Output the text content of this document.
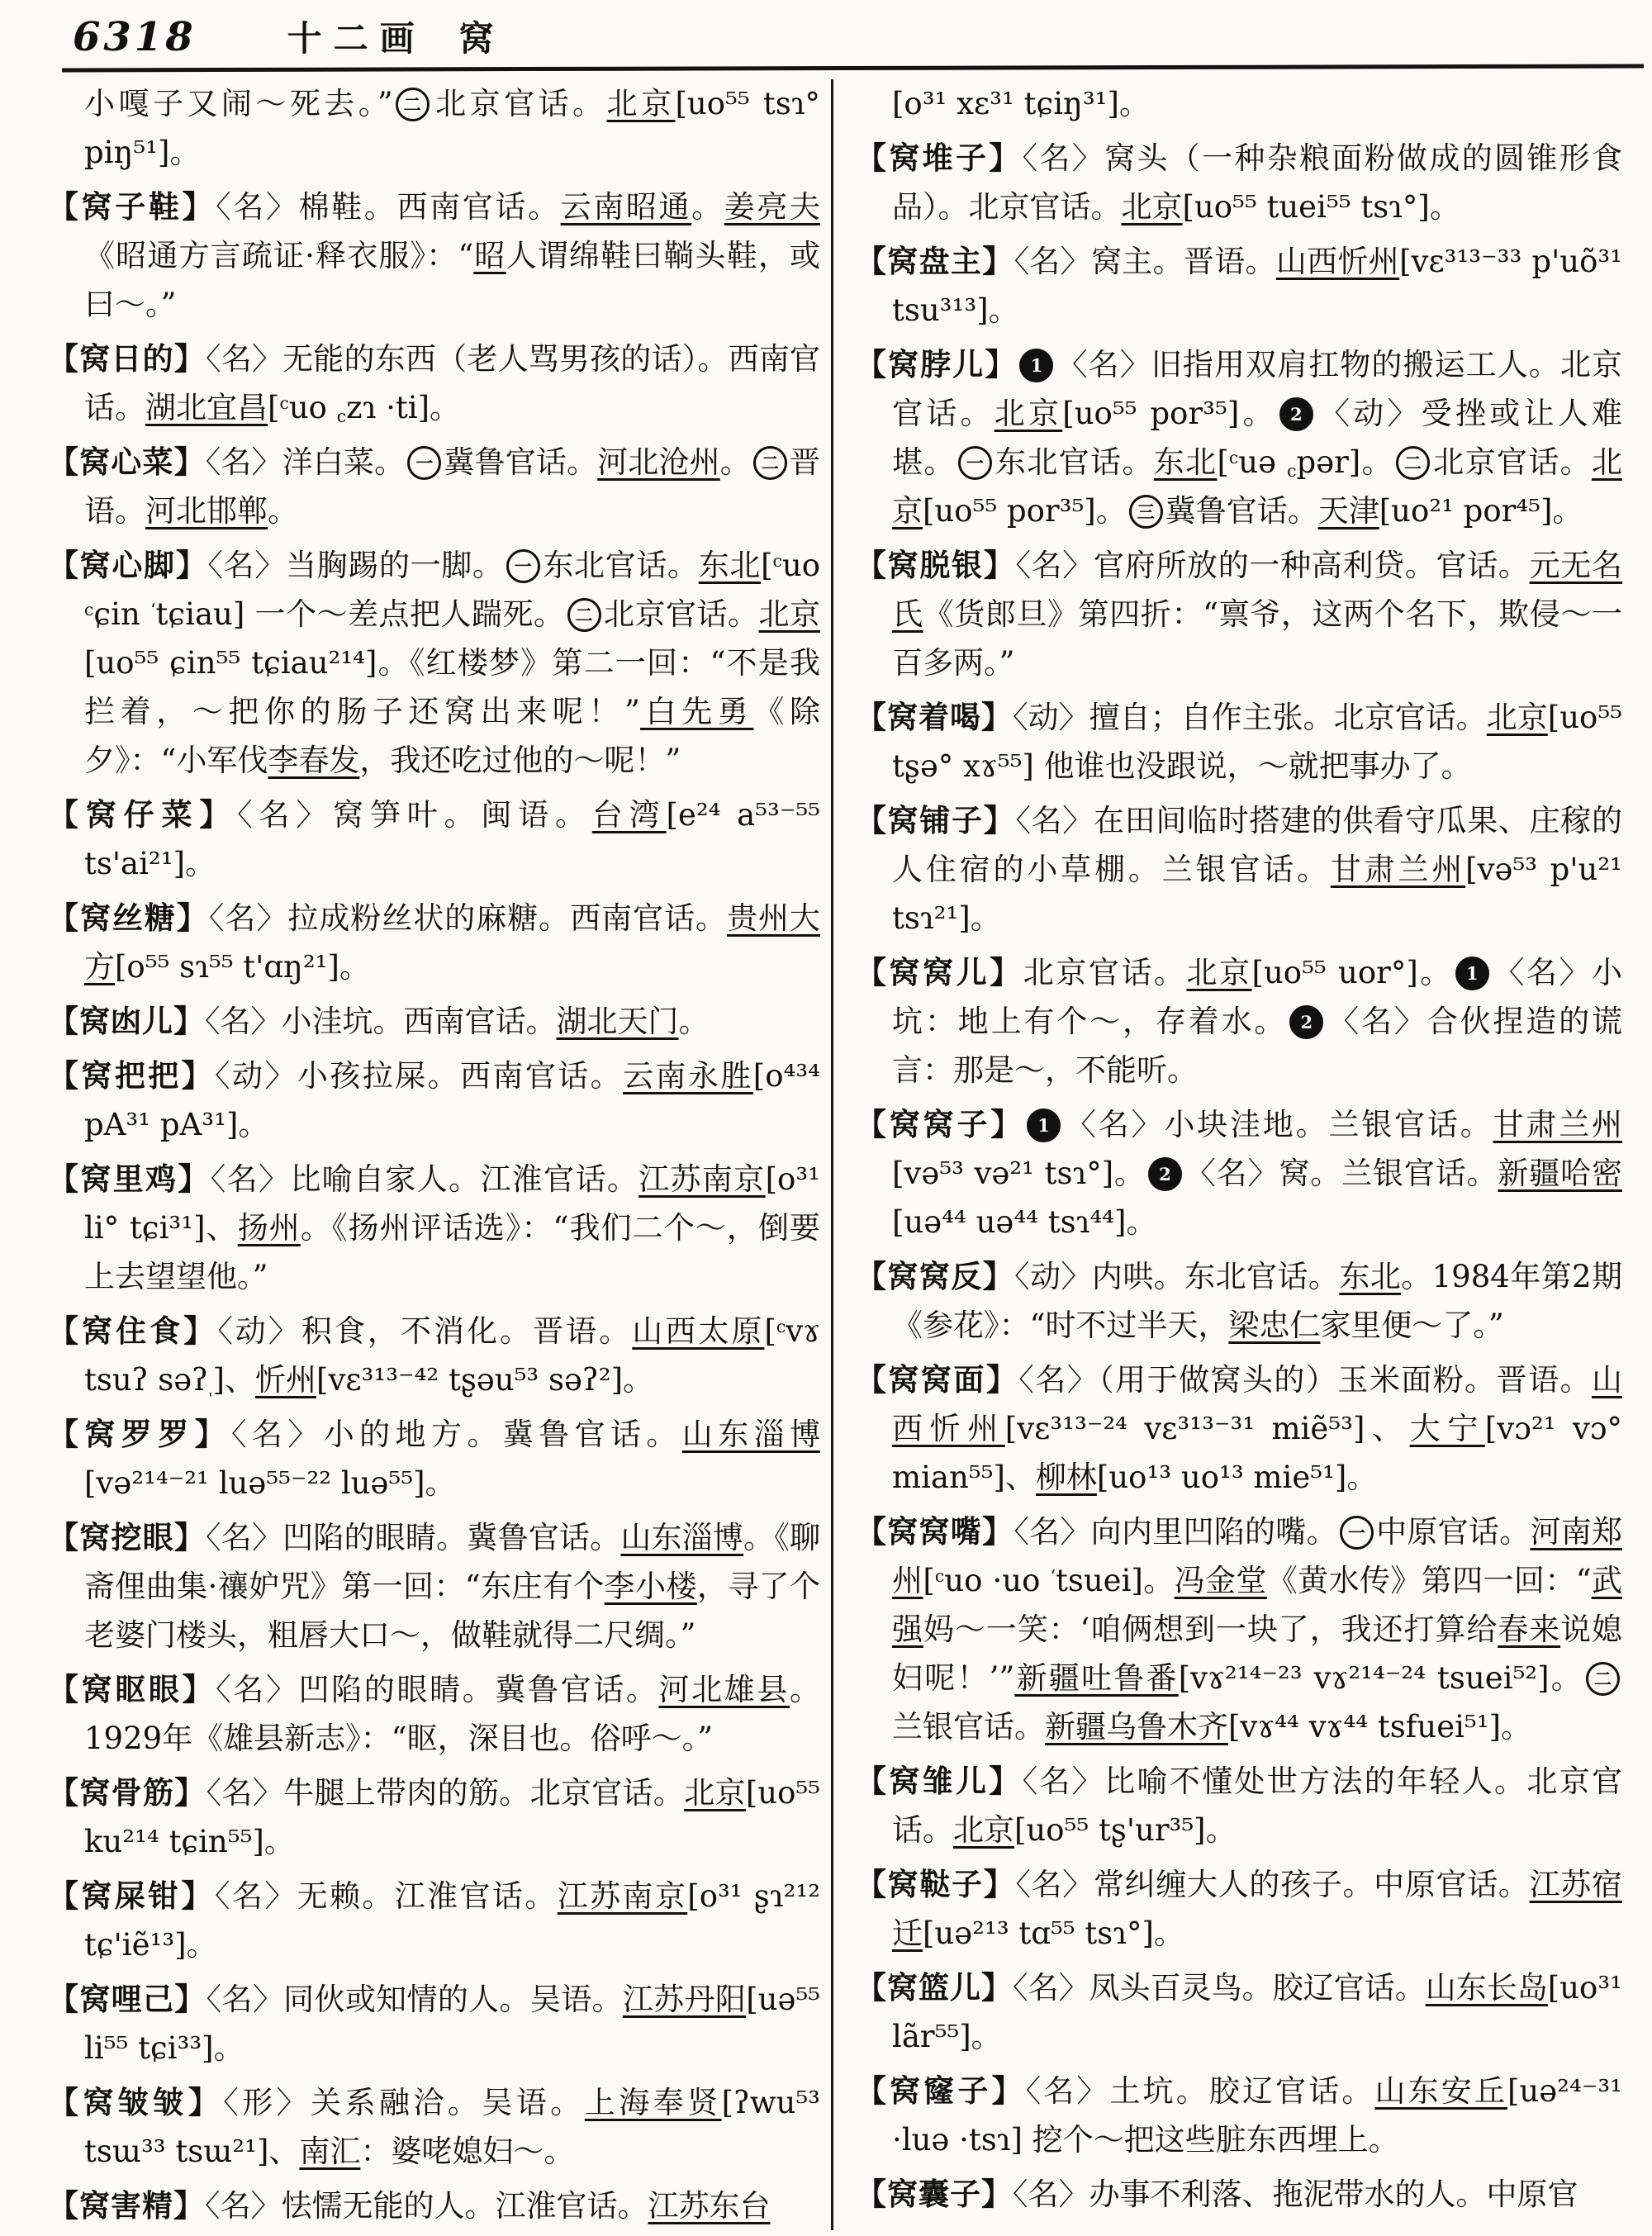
6318	十二画 窝

小嘎子又闹～死去。” 二 北京官话。北京[uo⁵⁵ tsɿ° piŋ⁵¹]。

【窝子鞋】〈名〉棉鞋。西南官话。云南昭通。姜亮夫《昭通方言疏证·释衣服》：“昭人谓绵鞋曰鞝头鞋，或曰～。”

【窝日的】〈名〉无能的东西（老人骂男孩的话）。西南官话。湖北宜昌[$^c$uo $_c$zɿ ·ti]。

【窝心菜】〈名〉洋白菜。 一 冀鲁官话。河北沧州。 二 晋语。河北邯郸。

【窝心脚】〈名〉当胸踢的一脚。 一 东北官话。东北[$^c$uo $^c$ɕin $^ʻ$tɕiau] 一个～差点把人踹死。 二 北京官话。北京[uo⁵⁵ ɕin⁵⁵ tɕiau²¹⁴]。《红楼梦》第二一回：“不是我拦着，～把你的肠子还窝出来呢！”白先勇《除夕》：“小军伐李春发，我还吃过他的～呢！”

【窝仔菜】〈名〉窝笋叶。闽语。台湾[e²⁴ a⁵³⁻⁵⁵ ts'ai²¹]。

【窝丝糖】〈名〉拉成粉丝状的麻糖。西南官话。贵州大方[o⁵⁵ sɿ⁵⁵ t'ɑŋ²¹]。

【窝凼儿】〈名〉小洼坑。西南官话。湖北天门。

【窝把把】〈动〉小孩拉屎。西南官话。云南永胜[o⁴³⁴ pA³¹ pA³¹]。

【窝里鸡】〈名〉比喻自家人。江淮官话。江苏南京[o³¹ li° tɕi³¹]、扬州。《扬州评话选》：“我们二个～，倒要上去望望他。”

【窝住食】〈动〉积食，不消化。晋语。山西太原[$^c$vɤ tsuʔ səʔ$_ˌ$]、忻州[vɛ³¹³⁻⁴² tʂəu⁵³ səʔ²]。

【窝罗罗】〈名〉小的地方。冀鲁官话。山东淄博[və²¹⁴⁻²¹ luə⁵⁵⁻²² luə⁵⁵]。

【窝挖眼】〈名〉凹陷的眼睛。冀鲁官话。山东淄博。《聊斋俚曲集·禳妒咒》第一回：“东庄有个李小楼，寻了个老婆门楼头，粗唇大口～，做鞋就得二尺绸。”

【窝眍眼】〈名〉凹陷的眼睛。冀鲁官话。河北雄县。1929年《雄县新志》：“眍，深目也。俗呼～。”

【窝骨筋】〈名〉牛腿上带肉的筋。北京官话。北京[uo⁵⁵ ku²¹⁴ tɕin⁵⁵]。

【窝屎钳】〈名〉无赖。江淮官话。江苏南京[o³¹ ʂɿ²¹² tɕ'iẽ¹³]。

【窝哩己】〈名〉同伙或知情的人。吴语。江苏丹阳[uə⁵⁵ li⁵⁵ tɕi³³]。

【窝皱皱】〈形〉关系融洽。吴语。上海奉贤[ʔwu⁵³ tsɯ³³ tsɯ²¹]、南汇：婆咾媳妇～。

【窝害精】〈名〉怯懦无能的人。江淮官话。江苏东台

[o³¹ xɛ³¹ tɕiŋ³¹]。

【窝堆子】〈名〉窝头（一种杂粮面粉做成的圆锥形食品）。北京官话。北京[uo⁵⁵ tuei⁵⁵ tsɿ°]。

【窝盘主】〈名〉窝主。晋语。山西忻州[vɛ³¹³⁻³³ p'uõ³¹ tsu³¹³]。

【窝脖儿】 1 〈名〉旧指用双肩扛物的搬运工人。北京官话。北京[uo⁵⁵ por³⁵]。 2 〈动〉受挫或让人难堪。 一 东北官话。东北[$^c$uə $_c$pər]。 二 北京官话。北京[uo⁵⁵ por³⁵]。 三 冀鲁官话。天津[uo²¹ por⁴⁵]。

【窝脱银】〈名〉官府所放的一种高利贷。官话。元无名氏《货郎旦》第四折：“禀爷，这两个名下，欺侵～一百多两。”

【窝着喝】〈动〉擅自；自作主张。北京官话。北京[uo⁵⁵ tʂə° xɤ⁵⁵] 他谁也没跟说，～就把事办了。

【窝铺子】〈名〉在田间临时搭建的供看守瓜果、庄稼的人住宿的小草棚。兰银官话。甘肃兰州[və⁵³ p'u²¹ tsɿ²¹]。

【窝窝儿】北京官话。北京[uo⁵⁵ uor°]。 1 〈名〉小坑：地上有个～，存着水。 2 〈名〉合伙捏造的谎言：那是～，不能听。

【窝窝子】 1 〈名〉小块洼地。兰银官话。甘肃兰州[və⁵³ və²¹ tsɿ°]。 2 〈名〉窝。兰银官话。新疆哈密[uə⁴⁴ uə⁴⁴ tsɿ⁴⁴]。

【窝窝反】〈动〉内哄。东北官话。东北。1984年第2期《参花》：“时不过半天，梁忠仁家里便～了。”

【窝窝面】〈名〉（用于做窝头的）玉米面粉。晋语。山西忻州[vɛ³¹³⁻²⁴ vɛ³¹³⁻³¹ miẽ⁵³]、大宁[vɔ²¹ vɔ° mian⁵⁵]、柳林[uo¹³ uo¹³ mie⁵¹]。

【窝窝嘴】〈名〉向内里凹陷的嘴。 一 中原官话。河南郑州[$^c$uo ·uo $^ʻ$tsuei]。冯金堂《黄水传》第四一回：“武强妈～一笑：‘咱俩想到一块了，我还打算给春来说媳妇呢！’”新疆吐鲁番[vɤ²¹⁴⁻²³ vɤ²¹⁴⁻²⁴ tsuei⁵²]。 二兰银官话。新疆乌鲁木齐[vɤ⁴⁴ vɤ⁴⁴ tsfuei⁵¹]。

【窝雏儿】〈名〉比喻不懂处世方法的年轻人。北京官话。北京[uo⁵⁵ tʂ'ur³⁵]。

【窝鞑子】〈名〉常纠缠大人的孩子。中原官话。江苏宿迁[uə²¹³ tɑ⁵⁵ tsɿ°]。

【窝篮儿】〈名〉凤头百灵鸟。胶辽官话。山东长岛[uo³¹ lãr⁵⁵]。

【窝窿子】〈名〉土坑。胶辽官话。山东安丘[uə²⁴⁻³¹ ·luə ·tsɿ] 挖个～把这些脏东西埋上。

【窝囊子】〈名〉办事不利落、拖泥带水的人。中原官
